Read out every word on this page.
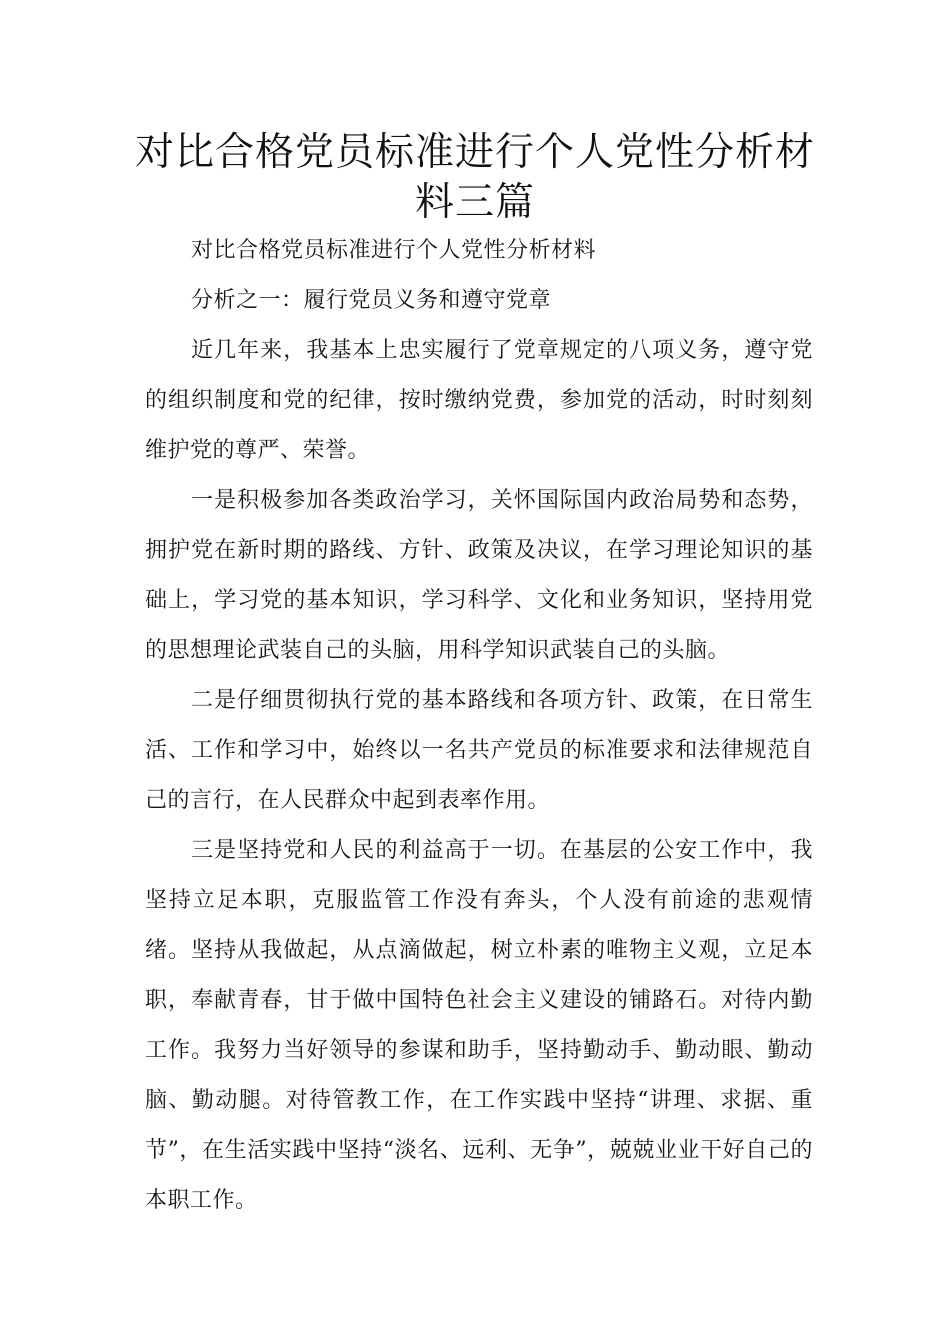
对比合格党员标准进行个人党性分析材料三篇

对比合格党员标准进行个人党性分析材料

分析之一：履行党员义务和遵守党章

近几年来，我基本上忠实履行了党章规定的八项义务，遵守党的组织制度和党的纪律，按时缴纳党费，参加党的活动，时时刻刻维护党的尊严、荣誉。

一是积极参加各类政治学习，关怀国际国内政治局势和态势，拥护党在新时期的路线、方针、政策及决议，在学习理论知识的基础上，学习党的基本知识，学习科学、文化和业务知识，坚持用党的思想理论武装自己的头脑，用科学知识武装自己的头脑。

二是仔细贯彻执行党的基本路线和各项方针、政策，在日常生活、工作和学习中，始终以一名共产党员的标准要求和法律规范自己的言行，在人民群众中起到表率作用。

三是坚持党和人民的利益高于一切。在基层的公安工作中，我坚持立足本职，克服监管工作没有奔头，个人没有前途的悲观情绪。坚持从我做起，从点滴做起，树立朴素的唯物主义观，立足本职，奉献青春，甘于做中国特色社会主义建设的铺路石。对待内勤工作。我努力当好领导的参谋和助手，坚持勤动手、勤动眼、勤动脑、勤动腿。对待管教工作，在工作实践中坚持“讲理、求据、重节”，在生活实践中坚持“淡名、远利、无争”，兢兢业业干好自己的本职工作。
